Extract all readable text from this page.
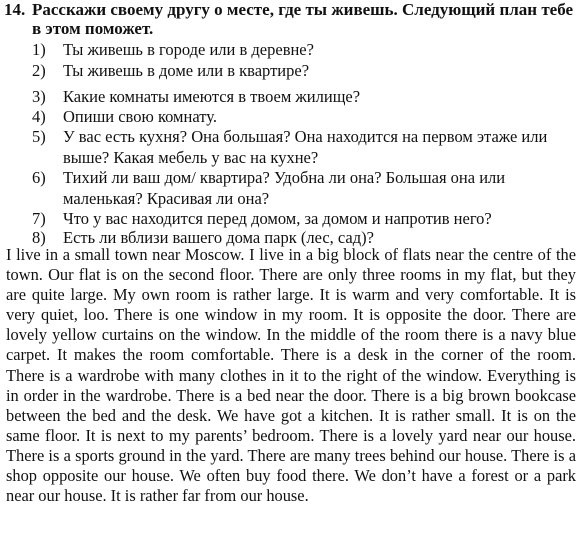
14. Расскажи своему другу о месте, где ты живешь. Следующий план тебе в этом поможет.
1)	Ты живешь в городе или в деревне?
2)	Ты живешь в доме или в квартире?
3)	Какие комнаты имеются в твоем жилище?
4)	Опиши свою комнату.
5)	У вас есть кухня? Она большая? Она находится на первом этаже или выше? Какая мебель у вас на кухне?
6)	Тихий ли ваш дом/ квартира? Удобна ли она? Большая она или маленькая? Красивая ли она?
7)	Что у вас находится перед домом, за домом и напротив него?
8)	Есть ли вблизи вашего дома парк (лес, сад)?

I live in a small town near Moscow. I live in a big block of flats near the centre of the town. Our flat is on the second floor. There are only three rooms in my flat, but they are quite large. My own room is rather large. It is warm and very comfortable. It is very quiet, loo. There is one window in my room. It is opposite the door. There are lovely yellow curtains on the window. In the middle of the room there is a navy blue carpet. It makes the room comfortable. There is a desk in the corner of the room. There is a wardrobe with many clothes in it to the right of the window. Everything is in order in the wardrobe. There is a bed near the door. There is a big brown bookcase between the bed and the desk. We have got a kitchen. It is rather small. It is on the same floor. It is next to my parents’ bedroom. There is a lovely yard near our house. There is a sports ground in the yard. There are many trees behind our house. There is a shop opposite our house. We often buy food there. We don’t have a forest or a park near our house. It is rather far from our house.
